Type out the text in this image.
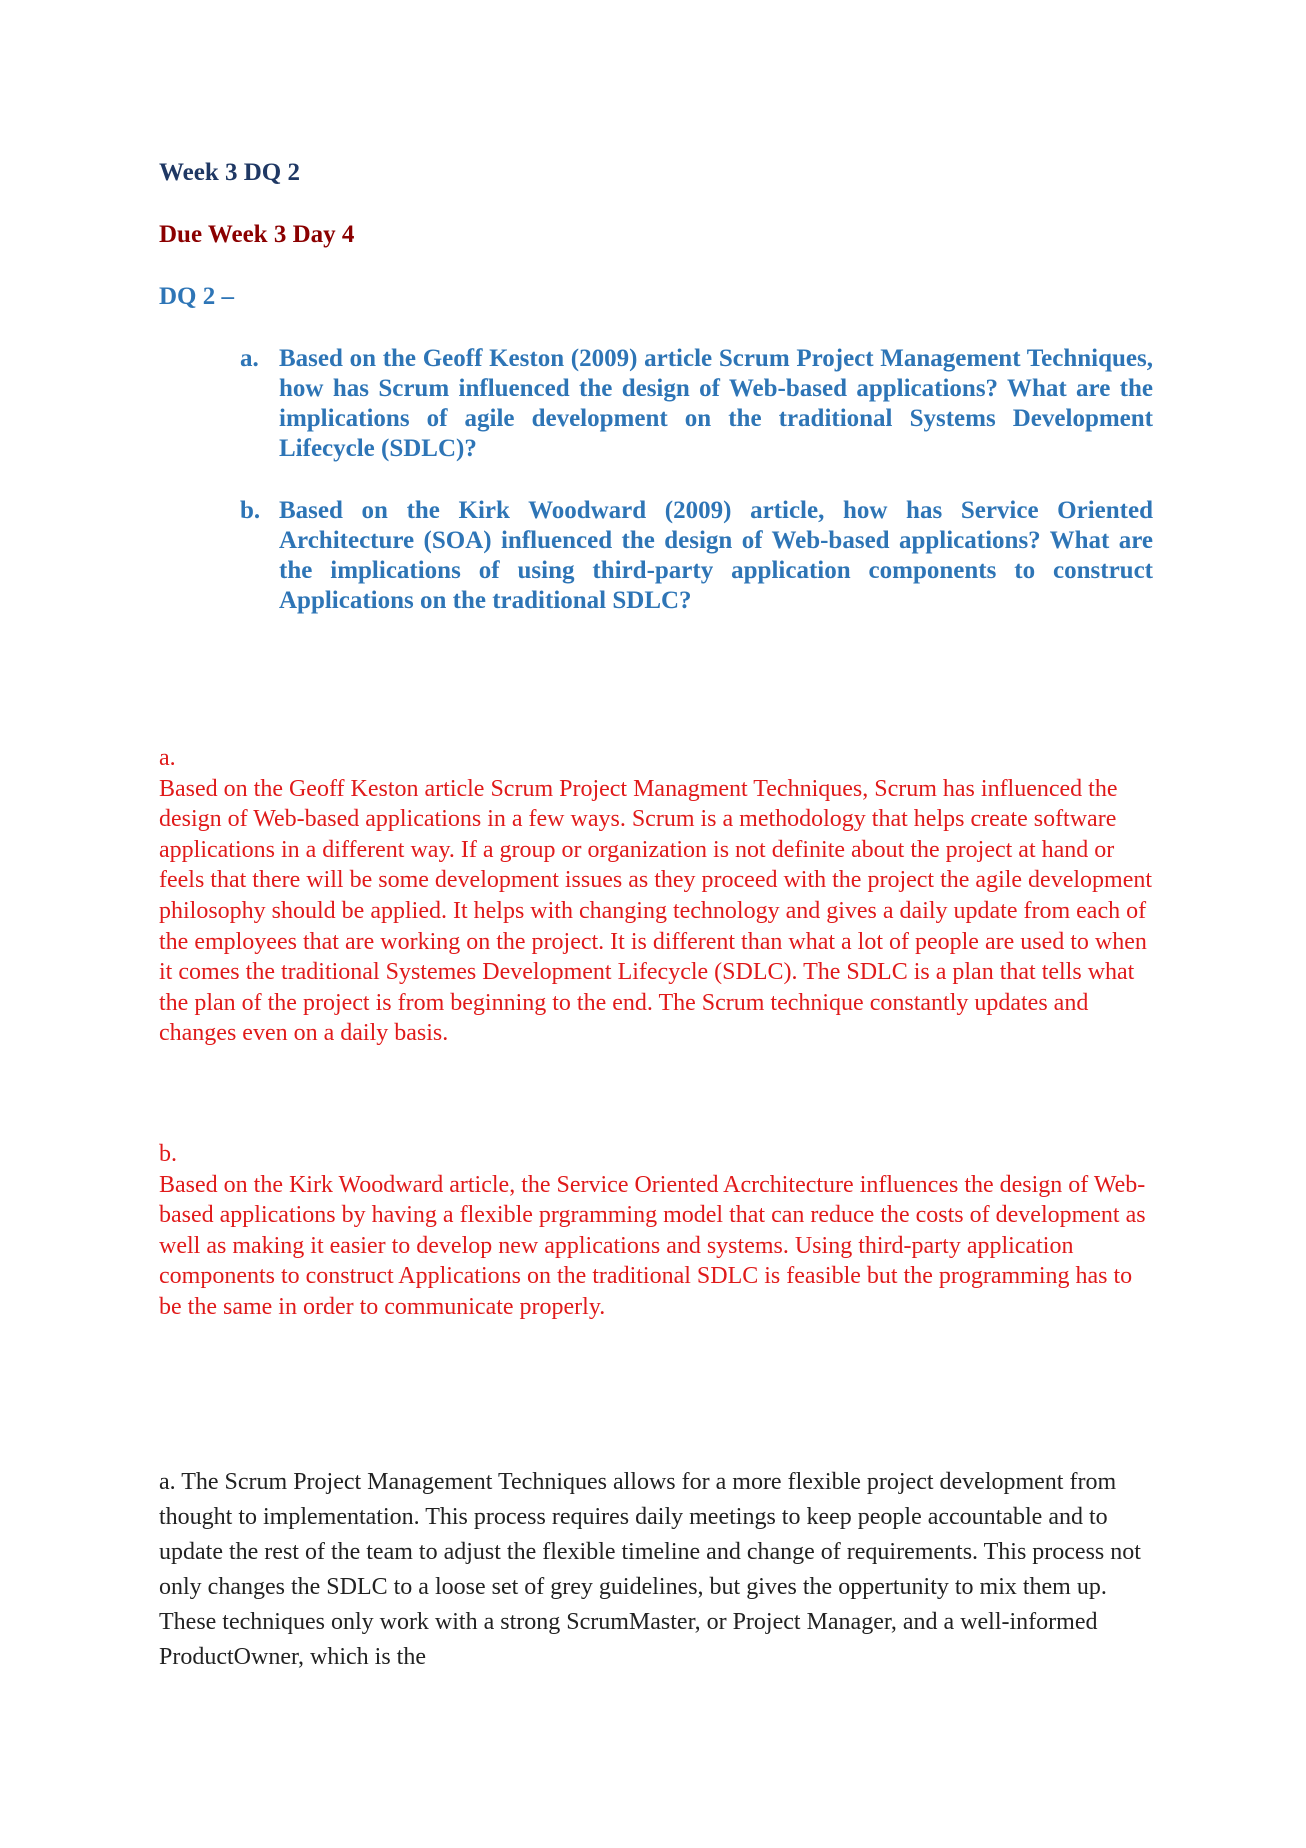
Week 3 DQ 2

Due Week 3 Day 4

DQ 2 –

a. Based on the Geoff Keston (2009) article Scrum Project Management Techniques, how has Scrum influenced the design of Web-based applications? What are the implications of agile development on the traditional Systems Development Lifecycle (SDLC)?
b. Based on the Kirk Woodward (2009) article, how has Service Oriented Architecture (SOA) influenced the design of Web-based applications? What are the implications of using third-party application components to construct Applications on the traditional SDLC?
a.
Based on the Geoff Keston article Scrum Project Managment Techniques, Scrum has influenced the design of Web-based applications in a few ways. Scrum is a methodology that helps create software applications in a different way. If a group or organization is not definite about the project at hand or feels that there will be some development issues as they proceed with the project the agile development philosophy should be applied. It helps with changing technology and gives a daily update from each of the employees that are working on the project. It is different than what a lot of people are used to when it comes the traditional Systemes Development Lifecycle (SDLC). The SDLC is a plan that tells what the plan of the project is from beginning to the end. The Scrum technique constantly updates and changes even on a daily basis.
b.
Based on the Kirk Woodward article, the Service Oriented Acrchitecture influences the design of Web-based applications by having a flexible prgramming model that can reduce the costs of development as well as making it easier to develop new applications and systems. Using third-party application components to construct Applications on the traditional SDLC is feasible but the programming has to be the same in order to communicate properly.

a. The Scrum Project Management Techniques allows for a more flexible project development from thought to implementation. This process requires daily meetings to keep people accountable and to update the rest of the team to adjust the flexible timeline and change of requirements. This process not only changes the SDLC to a loose set of grey guidelines, but gives the oppertunity to mix them up. These techniques only work with a strong ScrumMaster, or Project Manager, and a well-informed ProductOwner, which is the
